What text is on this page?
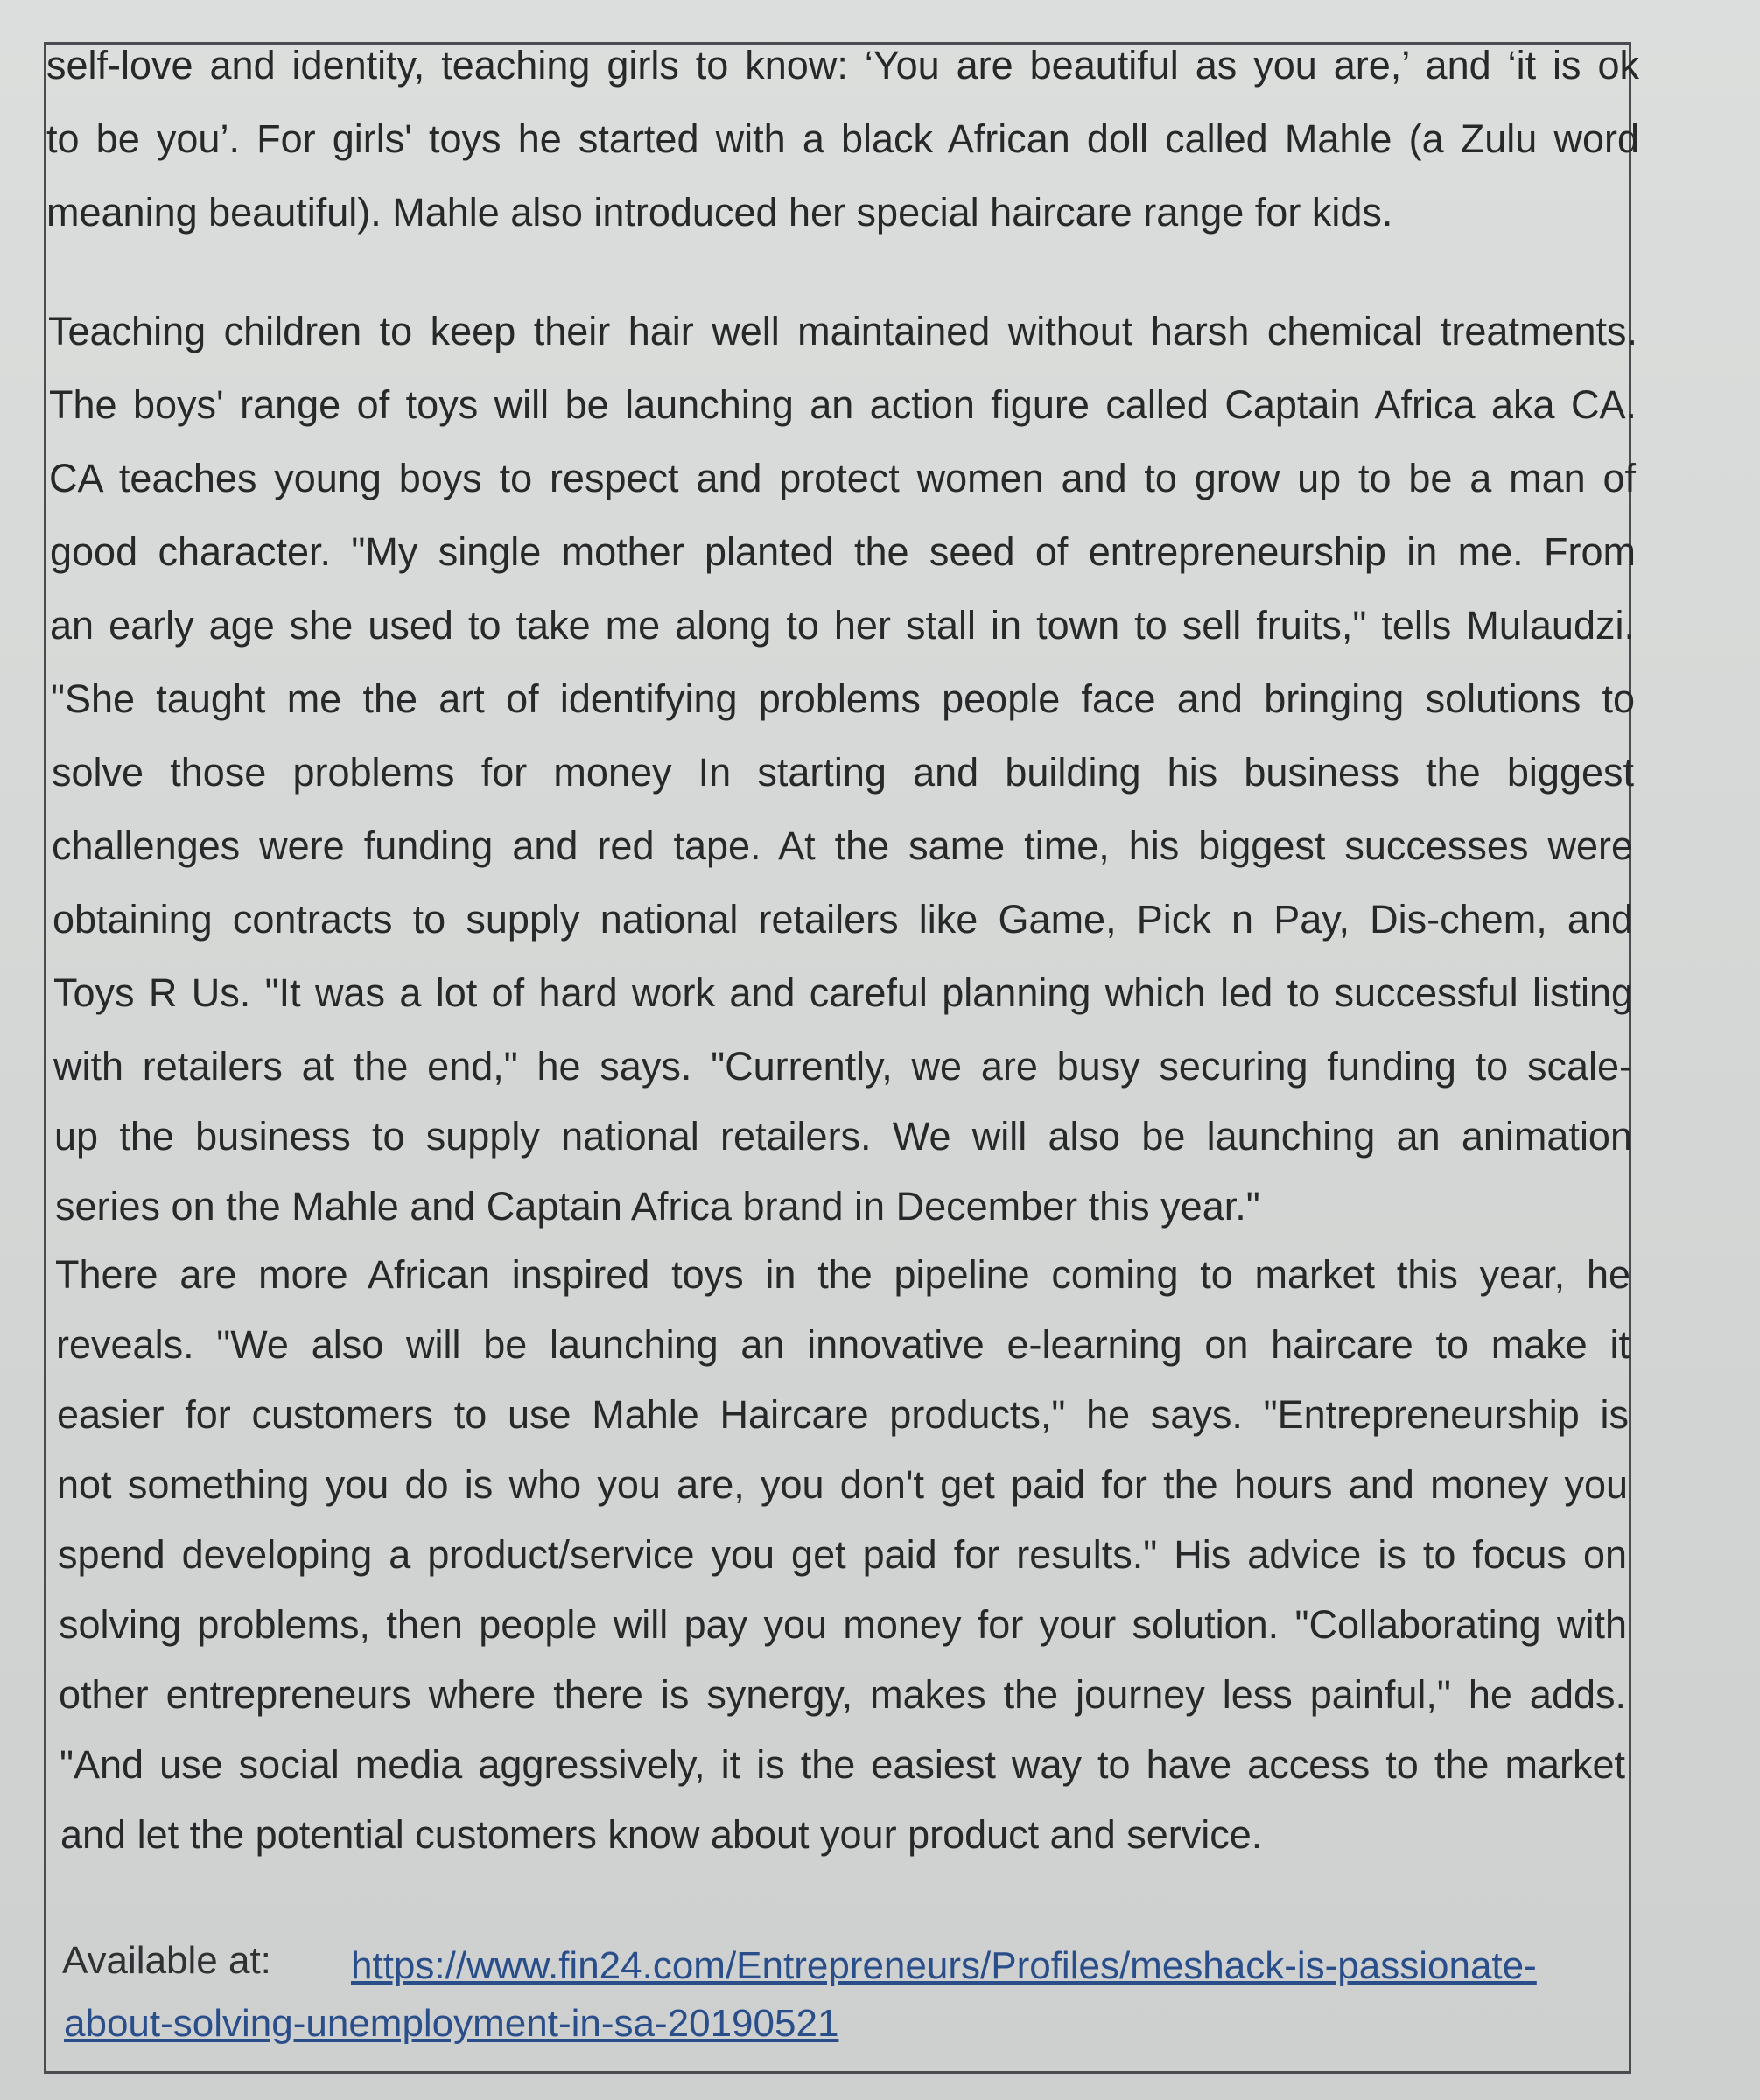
self-love and identity, teaching girls to know: ‘You are beautiful as you are,’ and ‘it is ok
to be you’. For girls' toys he started with a black African doll called Mahle (a Zulu word
meaning beautiful). Mahle also introduced her special haircare range for kids.
Teaching children to keep their hair well maintained without harsh chemical treatments.
The boys' range of toys will be launching an action figure called Captain Africa aka CA.
CA teaches young boys to respect and protect women and to grow up to be a man of
good character. "My single mother planted the seed of entrepreneurship in me. From
an early age she used to take me along to her stall in town to sell fruits," tells Mulaudzi.
"She taught me the art of identifying problems people face and bringing solutions to
solve those problems for money In starting and building his business the biggest
challenges were funding and red tape. At the same time, his biggest successes were
obtaining contracts to supply national retailers like Game, Pick n Pay, Dis-chem, and
Toys R Us. "It was a lot of hard work and careful planning which led to successful listing
with retailers at the end," he says. "Currently, we are busy securing funding to scale-
up the business to supply national retailers. We will also be launching an animation
series on the Mahle and Captain Africa brand in December this year."
There are more African inspired toys in the pipeline coming to market this year, he
reveals. "We also will be launching an innovative e-learning on haircare to make it
easier for customers to use Mahle Haircare products," he says. "Entrepreneurship is
not something you do is who you are, you don't get paid for the hours and money you
spend developing a product/service you get paid for results." His advice is to focus on
solving problems, then people will pay you money for your solution. "Collaborating with
other entrepreneurs where there is synergy, makes the journey less painful," he adds.
"And use social media aggressively, it is the easiest way to have access to the market
and let the potential customers know about your product and service.
Available at: https://www.fin24.com/Entrepreneurs/Profiles/meshack-is-passionate-
about-solving-unemployment-in-sa-20190521
